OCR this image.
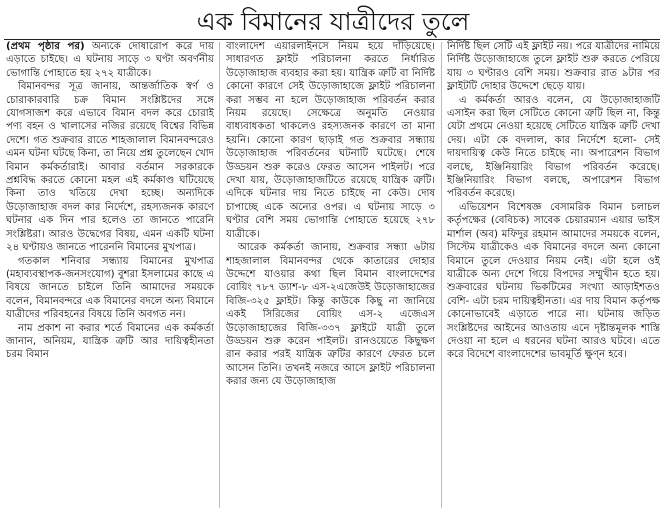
এক বিমানের যাত্রীদের তুলে

(প্রথম পৃষ্ঠার পর) অন্যকে দোষারোপ করে দায় এড়াতে চাইছে। এ ঘটনায় সাড়ে ৩ ঘণ্টা অবর্ণনীয় ভোগান্তি পোহাতে হয় ২৭২ যাত্রীকে।

বিমানবন্দর সূত্র জানায়, আন্তর্জাতিক স্বর্ণ ও চোরাকারবারি চক্র বিমান সংশ্লিষ্টদের সঙ্গে যোগসাজশ করে এভাবে বিমান বদল করে চোরাই পণ্য বহন ও খালাসের নজির রয়েছে বিশ্বের বিভিন্ন দেশে। গত শুক্রবার রাতে শাহজালাল বিমানবন্দরেও এমন ঘটনা ঘটছে কিনা, তা নিয়ে প্রশ্ন তুলেছেন খোদ বিমান কর্মকর্তারাই। আবার বর্তমান সরকারকে প্রশ্নবিদ্ধ করতে কোনো মহল এই কর্মকাণ্ড ঘটিয়েছে কিনা তাও খতিয়ে দেখা হচ্ছে। অন্যদিকে উড়োজাহাজ বদল কার নির্দেশে, রহস্যজনক কারণে ঘটনার এক দিন পার হলেও তা জানতে পারেনি সংশ্লিষ্টরা। আরও উদ্বেগের বিষয়, এমন একটি ঘটনা ২৪ ঘণ্টায়ও জানতে পারেননি বিমানের মুখপাত্র।

গতকাল শনিবার সন্ধ্যায় বিমানের মুখপাত্র (মহাব্যবস্থাপক-জনসংযোগ) বুশরা ইসলামের কাছে এ বিষয়ে জানতে চাইলে তিনি আমাদের সময়কে বলেন, বিমানবন্দরে এক বিমানের বদলে অন্য বিমানে যাত্রীদের পরিবহনের বিষয়ে তিনি অবগত নন।

নাম প্রকাশ না করার শর্তে বিমানের এক কর্মকর্তা জানান, অনিয়ম, যান্ত্রিক ত্রুটি আর দায়িত্বহীনতা চরম বিমান

বাংলাদেশ এয়ারলাইনসে নিয়ম হয়ে দাঁড়িয়েছে। সাধারণত ফ্লাইট পরিচালনা করতে নির্ধারিত উড়োজাহাজ ব্যবহার করা হয়। যান্ত্রিক ত্রুটি বা নির্দিষ্ট কোনো কারণে সেই উড়োজাহাজে ফ্লাইট পরিচালনা করা সম্ভব না হলে উড়োজাহাজ পরিবর্তন করার নিয়ম রয়েছে। সেক্ষেত্রে অনুমতি নেওয়ার বাধ্যবাধকতা থাকলেও রহস্যজনক কারণে তা মানা হয়নি। কোনো কারণ ছাড়াই গত শুক্রবার সন্ধ্যায় উড়োজাহাজ পরিবর্তনের ঘটনাটি ঘটেছে। শেষে উড্ডয়ন শুরু করেও ফেরত আসেন পাইলট। পরে দেখা যায়, উড়োজাহাজটিতে রয়েছে যান্ত্রিক ত্রুটি। এদিকে ঘটনার দায় নিতে চাইছে না কেউ। দোষ চাপাচ্ছে একে অন্যের ওপর। এ ঘটনায় সাড়ে ৩ ঘণ্টার বেশি সময় ভোগান্তি পোহাতে হয়েছে ২৭৮ যাত্রীকে।

আরেক কর্মকর্তা জানায়, শুক্রবার সন্ধ্যা ৬টায় শাহজালাল বিমানবন্দর থেকে কাতারের দোহার উদ্দেশে যাওয়ার কথা ছিল বিমান বাংলাদেশের বোয়িং ৭৮৭ ড্যাশ-৮ এস-২এজেউই উড়োজাহাজের বিজি-৩২৫ ফ্লাইট। কিন্তু কাউকে কিছু না জানিয়ে একই সিরিজের বোয়িং এস-২ এজেএস উড়োজাহাজের বিজি-৩৩৭ ফ্লাইটে যাত্রী তুলে উড্ডয়ন শুরু করেন পাইলট। রানওয়েতে কিছুক্ষণ রান করার পরই যান্ত্রিক ত্রুটির কারণে ফেরত চলে আসেন তিনি। তখনই নজরে আসে ফ্লাইট পরিচালনা করার জন্য যে উড়োজাহাজ

নির্দিষ্ট ছিল সেটি এই ফ্লাইট নয়। পরে যাত্রীদের নামিয়ে নির্দিষ্ট উড়োজাহাজে তুলে ফ্লাইট শুরু করতে পেরিয়ে যায় ৩ ঘণ্টারও বেশি সময়। শুক্রবার রাত ৯টার পর ফ্লাইটটি দোহার উদ্দেশে ছেড়ে যায়।

এ কর্মকর্তা আরও বলেন, যে উড়োজাহাজটি এসাইন করা ছিল সেটিতে কোনো ত্রুটি ছিল না, কিন্তু যেটা প্রথমে নেওয়া হয়েছে সেটিতে যান্ত্রিক ত্রুটি দেখা দেয়। এটা কে বদলাল, কার নির্দেশে হলো- সেই দায়দায়িত্ব কেউ নিতে চাইছে না। অপারেশন বিভাগ বলছে, ইঞ্জিনিয়ারিং বিভাগ পরিবর্তন করেছে। ইঞ্জিনিয়ারিং বিভাগ বলছে, অপারেশন বিভাগ পরিবর্তন করেছে।

এভিয়েশন বিশেষজ্ঞ বেসামরিক বিমান চলাচল কর্তৃপক্ষের (বেবিচক) সাবেক চেয়ারম্যান এয়ার ভাইস মার্শাল (অব) মফিদুর রহমান আমাদের সময়কে বলেন, সিস্টেম যাত্রীকেও এক বিমানের বদলে অন্য কোনো বিমানে তুলে দেওয়ার নিয়ম নেই। এটা হলে ওই যাত্রীকে অন্য দেশে গিয়ে বিপদের সম্মুখীন হতে হয়। শুক্রবারের ঘটনায় ভিকটিমের সংখ্যা আড়াইশতও বেশি- এটা চরম দায়িত্বহীনতা। এর দায় বিমান কর্তৃপক্ষ কোনোভাবেই এড়াতে পারে না। ঘটনায় জড়িত সংশ্লিষ্টদের আইনের আওতায় এনে দৃষ্টান্তমূলক শাস্তি দেওয়া না হলে এ ধরনের ঘটনা আরও ঘটবে। এতে করে বিদেশে বাংলাদেশের ভাবমূর্তি ক্ষুণ্ন হবে।
